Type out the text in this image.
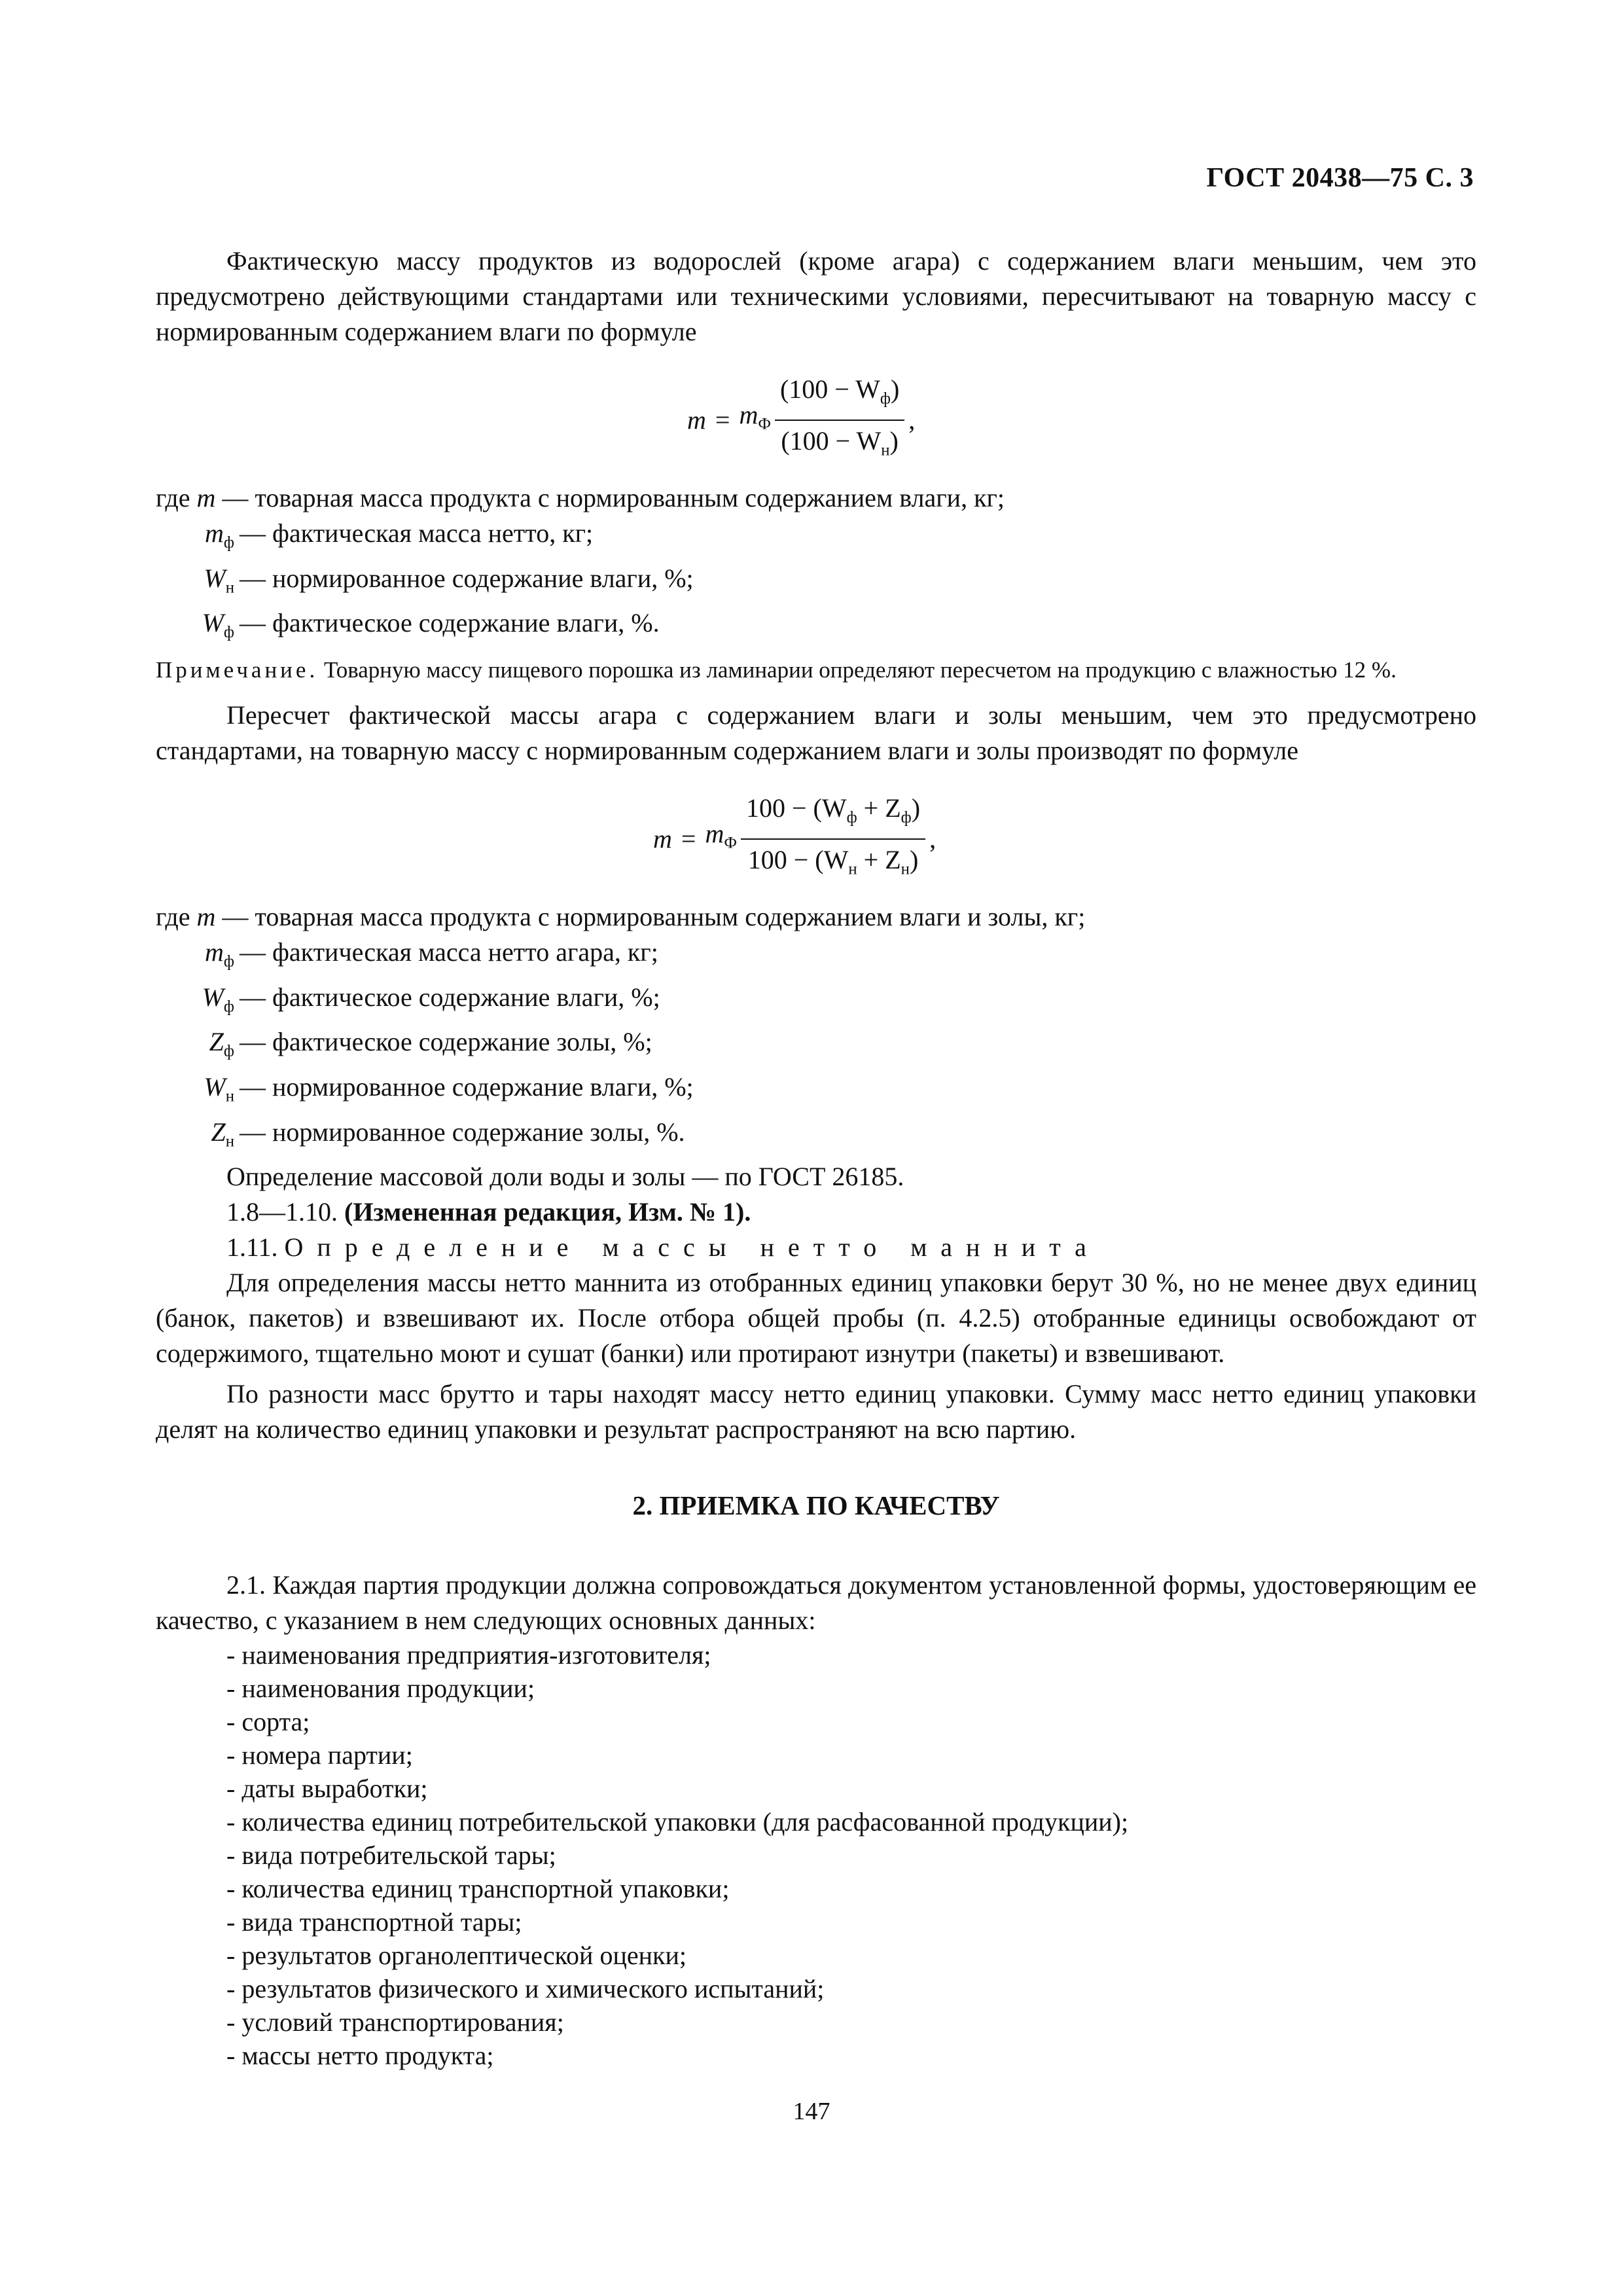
ГОСТ 20438—75 С. 3

Фактическую массу продуктов из водорослей (кроме агара) с содержанием влаги меньшим, чем это предусмотрено действующими стандартами или техническими условиями, пересчитывают на товарную массу с нормированным содержанием влаги по формуле

$m = m_Ф \frac{(100 - W_ф)}{(100 - W_н)}$ ,
где m — товарная масса продукта с нормированным содержанием влаги, кг;
$m_ф$ — фактическая масса нетто, кг;
$W_н$ — нормированное содержание влаги, %;
$W_ф$ — фактическое содержание влаги, %.

Примечание. Товарную массу пищевого порошка из ламинарии определяют пересчетом на продукцию с влажностью 12 %.

Пересчет фактической массы агара с содержанием влаги и золы меньшим, чем это предусмотрено стандартами, на товарную массу с нормированным содержанием влаги и золы производят по формуле

$m = m_Ф \frac{100 - (W_ф + Z_ф)}{100 - (W_н + Z_н)}$ ,
где m — товарная масса продукта с нормированным содержанием влаги и золы, кг;
$m_ф$ — фактическая масса нетто агара, кг;
$W_ф$ — фактическое содержание влаги, %;
$Z_ф$ — фактическое содержание золы, %;
$W_н$ — нормированное содержание влаги, %;
$Z_н$ — нормированное содержание золы, %.

Определение массовой доли воды и золы — по ГОСТ 26185.

1.8—1.10. (Измененная редакция, Изм. № 1).

1.11. Определение массы нетто маннита

Для определения массы нетто маннита из отобранных единиц упаковки берут 30 %, но не менее двух единиц (банок, пакетов) и взвешивают их. После отбора общей пробы (п. 4.2.5) отобранные единицы освобождают от содержимого, тщательно моют и сушат (банки) или протирают изнутри (пакеты) и взвешивают.

По разности масс брутто и тары находят массу нетто единиц упаковки. Сумму масс нетто единиц упаковки делят на количество единиц упаковки и результат распространяют на всю партию.

2. ПРИЕМКА ПО КАЧЕСТВУ

2.1. Каждая партия продукции должна сопровождаться документом установленной формы, удостоверяющим ее качество, с указанием в нем следующих основных данных:

- наименования предприятия-изготовителя;
- наименования продукции;
- сорта;
- номера партии;
- даты выработки;
- количества единиц потребительской упаковки (для расфасованной продукции);
- вида потребительской тары;
- количества единиц транспортной упаковки;
- вида транспортной тары;
- результатов органолептической оценки;
- результатов физического и химического испытаний;
- условий транспортирования;
- массы нетто продукта;
147
